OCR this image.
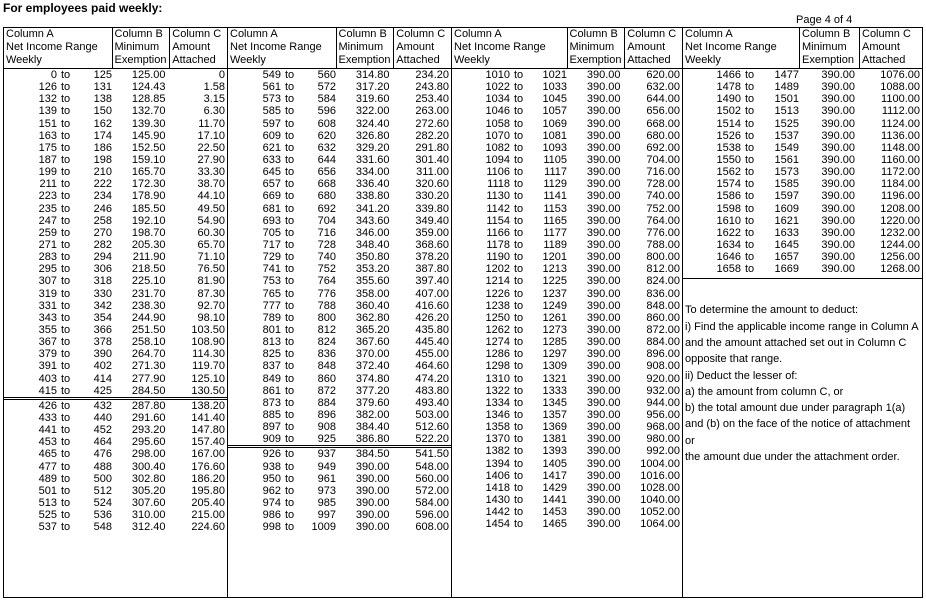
For employees paid weekly:
Page 4 of 4
Column A
Net Income Range
Weekly
Column B
Minimum
Exemption
Column C
Amount
Attached
0 to 125	125.00	0
126 to 131	124.43	1.58
132 to 138	128.85	3.15
139 to 150	132.70	6.30
151 to 162	139.30	11.70
163 to 174	145.90	17.10
175 to 186	152.50	22.50
187 to 198	159.10	27.90
199 to 210	165.70	33.30
211 to 222	172.30	38.70
223 to 234	178.90	44.10
235 to 246	185.50	49.50
247 to 258	192.10	54.90
259 to 270	198.70	60.30
271 to 282	205.30	65.70
283 to 294	211.90	71.10
295 to 306	218.50	76.50
307 to 318	225.10	81.90
319 to 330	231.70	87.30
331 to 342	238.30	92.70
343 to 354	244.90	98.10
355 to 366	251.50	103.50
367 to 378	258.10	108.90
379 to 390	264.70	114.30
391 to 402	271.30	119.70
403 to 414	277.90	125.10
415 to 425	284.50	130.50
426 to 432	287.80	138.20
433 to 440	291.60	141.40
441 to 452	293.20	147.80
453 to 464	295.60	157.40
465 to 476	298.00	167.00
477 to 488	300.40	176.60
489 to 500	302.80	186.20
501 to 512	305.20	195.80
513 to 524	307.60	205.40
525 to 536	310.00	215.00
537 to 548	312.40	224.60
Column A
Net Income Range
Weekly
Column B
Minimum
Exemption
Column C
Amount
Attached
549 to 560	314.80	234.20
561 to 572	317.20	243.80
573 to 584	319.60	253.40
585 to 596	322.00	263.00
597 to 608	324.40	272.60
609 to 620	326.80	282.20
621 to 632	329.20	291.80
633 to 644	331.60	301.40
645 to 656	334.00	311.00
657 to 668	336.40	320.60
669 to 680	338.80	330.20
681 to 692	341.20	339.80
693 to 704	343.60	349.40
705 to 716	346.00	359.00
717 to 728	348.40	368.60
729 to 740	350.80	378.20
741 to 752	353.20	387.80
753 to 764	355.60	397.40
765 to 776	358.00	407.00
777 to 788	360.40	416.60
789 to 800	362.80	426.20
801 to 812	365.20	435.80
813 to 824	367.60	445.40
825 to 836	370.00	455.00
837 to 848	372.40	464.60
849 to 860	374.80	474.20
861 to 872	377.20	483.80
873 to 884	379.60	493.40
885 to 896	382.00	503.00
897 to 908	384.40	512.60
909 to 925	386.80	522.20
926 to 937	384.50	541.50
938 to 949	390.00	548.00
950 to 961	390.00	560.00
962 to 973	390.00	572.00
974 to 985	390.00	584.00
986 to 997	390.00	596.00
998 to 1009	390.00	608.00
Column A
Net Income Range
Weekly
Column B
Minimum
Exemption
Column C
Amount
Attached
1010 to 1021	390.00	620.00
1022 to 1033	390.00	632.00
1034 to 1045	390.00	644.00
1046 to 1057	390.00	656.00
1058 to 1069	390.00	668.00
1070 to 1081	390.00	680.00
1082 to 1093	390.00	692.00
1094 to 1105	390.00	704.00
1106 to 1117	390.00	716.00
1118 to 1129	390.00	728.00
1130 to 1141	390.00	740.00
1142 to 1153	390.00	752.00
1154 to 1165	390.00	764.00
1166 to 1177	390.00	776.00
1178 to 1189	390.00	788.00
1190 to 1201	390.00	800.00
1202 to 1213	390.00	812.00
1214 to 1225	390.00	824.00
1226 to 1237	390.00	836.00
1238 to 1249	390.00	848.00
1250 to 1261	390.00	860.00
1262 to 1273	390.00	872.00
1274 to 1285	390.00	884.00
1286 to 1297	390.00	896.00
1298 to 1309	390.00	908.00
1310 to 1321	390.00	920.00
1322 to 1333	390.00	932.00
1334 to 1345	390.00	944.00
1346 to 1357	390.00	956.00
1358 to 1369	390.00	968.00
1370 to 1381	390.00	980.00
1382 to 1393	390.00	992.00
1394 to 1405	390.00	1004.00
1406 to 1417	390.00	1016.00
1418 to 1429	390.00	1028.00
1430 to 1441	390.00	1040.00
1442 to 1453	390.00	1052.00
1454 to 1465	390.00	1064.00
Column A
Net Income Range
Weekly
Column B
Minimum
Exemption
Column C
Amount
Attached
1466 to 1477	390.00	1076.00
1478 to 1489	390.00	1088.00
1490 to 1501	390.00	1100.00
1502 to 1513	390.00	1112.00
1514 to 1525	390.00	1124.00
1526 to 1537	390.00	1136.00
1538 to 1549	390.00	1148.00
1550 to 1561	390.00	1160.00
1562 to 1573	390.00	1172.00
1574 to 1585	390.00	1184.00
1586 to 1597	390.00	1196.00
1598 to 1609	390.00	1208.00
1610 to 1621	390.00	1220.00
1622 to 1633	390.00	1232.00
1634 to 1645	390.00	1244.00
1646 to 1657	390.00	1256.00
1658 to 1669	390.00	1268.00
To determine the amount to deduct:
i) Find the applicable income range in Column A
and the amount attached set out in Column C
opposite that range.
ii) Deduct the lesser of:
a) the amount from column C, or
b) the total amount due under paragraph 1(a)
and (b) on the face of the notice of attachment or
the amount due under the attachment order.
